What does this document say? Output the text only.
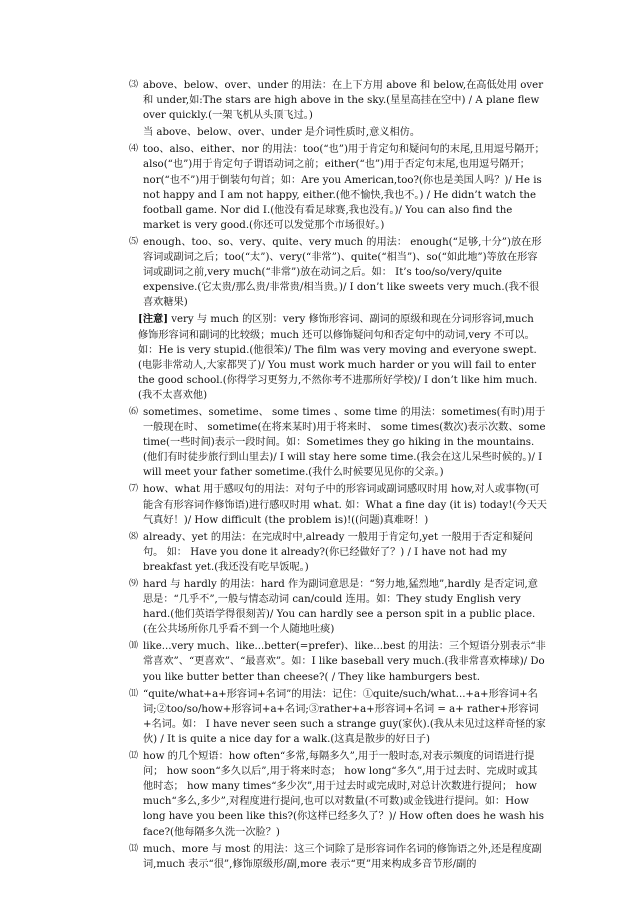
⑶ above、below、over、under 的用法：在上下方用 above 和 below,在高低处用 over 和 under,如:The stars are high above in the sky.(星星高挂在空中) / A plane flew over quickly.(一架飞机从头顶飞过。)
当 above、below、over、under 是介词性质时,意义相仿。
⑷ too、also、either、nor 的用法：too(“也”)用于肯定句和疑问句的末尾,且用逗号隔开；also(“也”)用于肯定句子谓语动词之前；either(“也”)用于否定句末尾,也用逗号隔开；nor(“也不”)用于倒装句句首；如：Are you American,too?(你也是美国人吗？)/ He is not happy and I am not happy, either.(他不愉快,我也不。) / He didn’t watch the football game. Nor did I.(他没有看足球赛,我也没有。)/ You can also find the market is very good.(你还可以发觉那个市场很好。)
⑸ enough、too、so、very、quite、very much 的用法： enough(“足够,十分”)放在形容词或副词之后；too(“太”)、very(“非常”)、quite(“相当”)、so(“如此地”)等放在形容词或副词之前,very much(“非常”)放在动词之后。如： It’s too/so/very/quite expensive.(它太贵/那么贵/非常贵/相当贵。)/ I don’t like sweets very much.(我不很喜欢糖果)
[注意] very 与 much 的区别：very 修饰形容词、副词的原级和现在分词形容词,much 修饰形容词和副词的比较级；much 还可以修饰疑问句和否定句中的动词,very 不可以。如：He is very stupid.(他很笨)/ The film was very moving and everyone swept.(电影非常动人,大家都哭了)/ You must work much harder or you will fail to enter the good school.(你得学习更努力,不然你考不进那所好学校)/ I don’t like him much.(我不太喜欢他)
⑹ sometimes、sometime、 some times 、some time 的用法：sometimes(有时)用于一般现在时、 sometime(在将来某时)用于将来时、 some times(数次)表示次数、some time(一些时间)表示一段时间。如：Sometimes they go hiking in the mountains.(他们有时徒步旅行到山里去)/ I will stay here some time.(我会在这儿呆些时候的。)/ I will meet your father sometime.(我什么时候要见见你的父亲。)
⑺ how、what 用于感叹句的用法：对句子中的形容词或副词感叹时用 how,对人或事物(可能含有形容词作修饰语)进行感叹时用 what. 如：What a fine day (it is) today!(今天天气真好！)/ How difficult (the problem is)!((问题)真难呀！)
⑻ already、yet 的用法：在完成时中,already 一般用于肯定句,yet 一般用于否定和疑问句。 如： Have you done it already?(你已经做好了？) / I have not had my breakfast yet.(我还没有吃早饭呢。)
⑼ hard 与 hardly 的用法：hard 作为副词意思是：“努力地,猛烈地”,hardly 是否定词,意思是：“几乎不”,一般与情态动词 can/could 连用。如：They study English very hard.(他们英语学得很刻苦)/ You can hardly see a person spit in a public place.(在公共场所你几乎看不到一个人随地吐痰)
⑽ like...very much、like...better(=prefer)、like...best 的用法：三个短语分别表示“非常喜欢”、“更喜欢”、“最喜欢”。如：I like baseball very much.(我非常喜欢棒球)/ Do you like butter better than cheese?( / They like hamburgers best.
⑾ “quite/what+a+形容词+名词”的用法：记住：①quite/such/what...+a+形容词+名词;②too/so/how+形容词+a+名词;③rather+a+形容词+名词 = a+ rather+形容词+名词。如： I have never seen such a strange guy(家伙).(我从未见过这样奇怪的家伙) / It is quite a nice day for a walk.(这真是散步的好日子)
⑿ how 的几个短语：how often“多常,每隔多久”,用于一般时态,对表示频度的词语进行提问； how soon“多久以后”,用于将来时态； how long“多久”,用于过去时、完成时或其他时态； how many times“多少次”,用于过去时或完成时,对总计次数进行提问； how much“多么,多少”,对程度进行提问,也可以对数量(不可数)或金钱进行提问。如：How long have you been like this?(你这样已经多久了？)/ How often does he wash his face?(他每隔多久洗一次脸？)
⒀ much、more 与 most 的用法：这三个词除了是形容词作名词的修饰语之外,还是程度副词,much 表示“很”,修饰原级形/副,more 表示“更”用来构成多音节形/副的
